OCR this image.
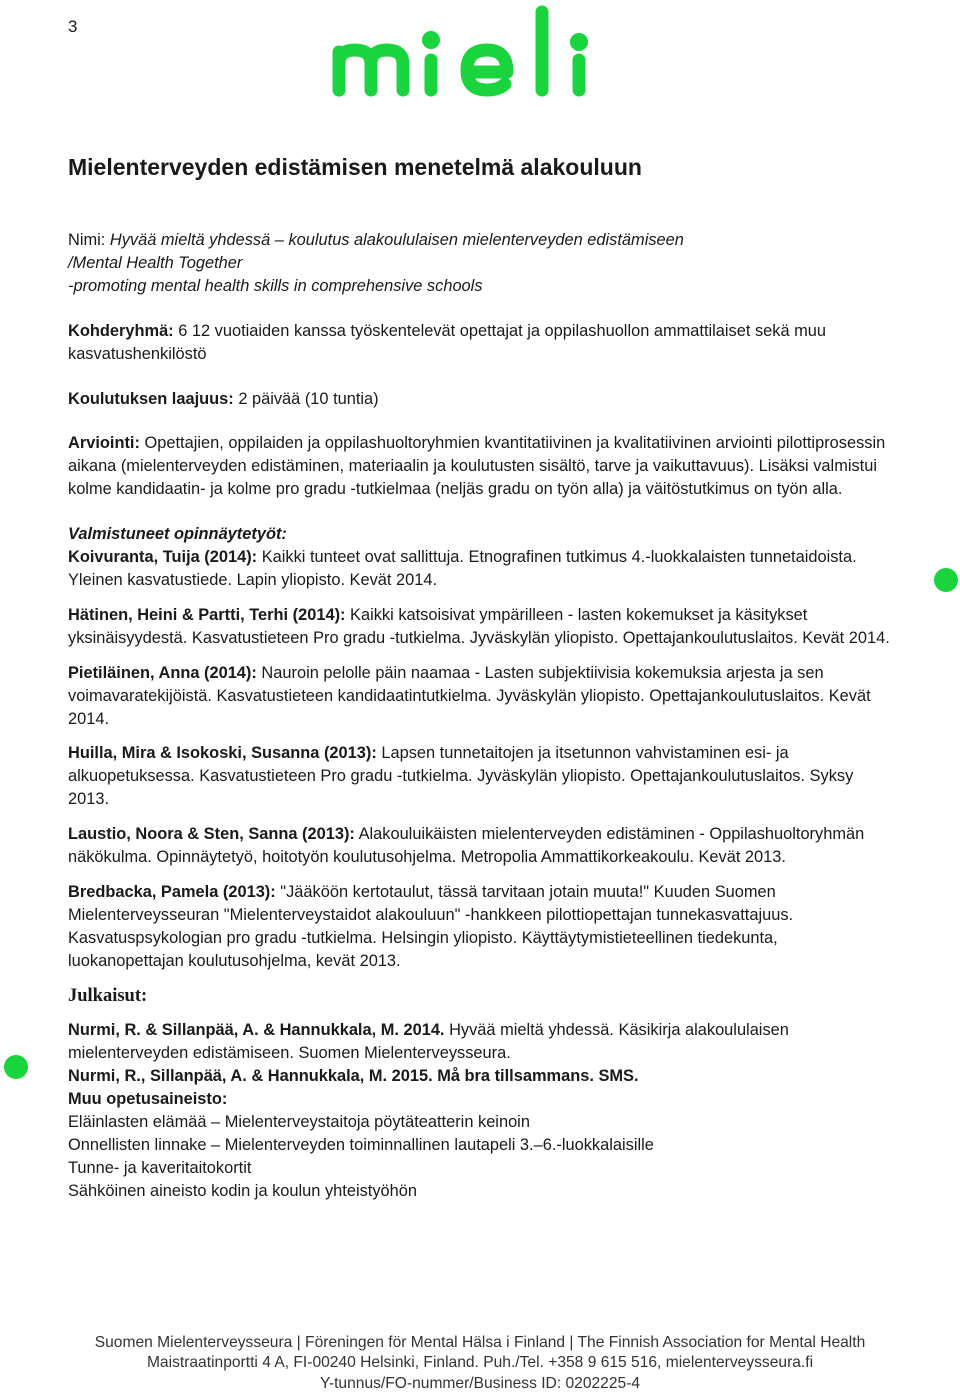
3
Mielenterveyden edistämisen menetelmä alakouluun

Nimi: Hyvää mieltä yhdessä – koulutus alakoululaisen mielenterveyden edistämiseen
/Mental Health Together
-promoting mental health skills in comprehensive schools

Kohderyhmä: 6 12 vuotiaiden kanssa työskentelevät opettajat ja oppilashuollon ammattilaiset sekä muu kasvatushenkilöstö

Koulutuksen laajuus: 2 päivää (10 tuntia)

Arviointi: Opettajien, oppilaiden ja oppilashuoltoryhmien kvantitatiivinen ja kvalitatiivinen arviointi pilottiprosessin aikana (mielenterveyden edistäminen, materiaalin ja koulutusten sisältö, tarve ja vaikuttavuus). Lisäksi valmistui kolme kandidaatin- ja kolme pro gradu -tutkielmaa (neljäs gradu on työn alla) ja väitöstutkimus on työn alla.

Valmistuneet opinnäytetyöt:

Koivuranta, Tuija (2014): Kaikki tunteet ovat sallittuja. Etnografinen tutkimus 4.-luokkalaisten tunnetaidoista. Yleinen kasvatustiede. Lapin yliopisto. Kevät 2014.

Hätinen, Heini & Partti, Terhi (2014): Kaikki katsoisivat ympärilleen - lasten kokemukset ja käsitykset yksinäisyydestä. Kasvatustieteen Pro gradu -tutkielma. Jyväskylän yliopisto. Opettajankoulutuslaitos. Kevät 2014.

Pietiläinen, Anna (2014): Nauroin pelolle päin naamaa - Lasten subjektiivisia kokemuksia arjesta ja sen voimavaratekijöistä. Kasvatustieteen kandidaatintutkielma. Jyväskylän yliopisto. Opettajankoulutuslaitos. Kevät 2014.

Huilla, Mira & Isokoski, Susanna (2013): Lapsen tunnetaitojen ja itsetunnon vahvistaminen esi- ja alkuopetuksessa. Kasvatustieteen Pro gradu -tutkielma. Jyväskylän yliopisto. Opettajankoulutuslaitos. Syksy 2013.

Laustio, Noora & Sten, Sanna (2013): Alakouluikäisten mielenterveyden edistäminen - Oppilashuoltoryhmän näkökulma. Opinnäytetyö, hoitotyön koulutusohjelma. Metropolia Ammattikorkeakoulu. Kevät 2013.

Bredbacka, Pamela (2013): "Jääköön kertotaulut, tässä tarvitaan jotain muuta!" Kuuden Suomen Mielenterveysseuran "Mielenterveystaidot alakouluun" -hankkeen pilottiopettajan tunnekasvattajuus. Kasvatuspsykologian pro gradu -tutkielma. Helsingin yliopisto. Käyttäytymistieteellinen tiedekunta, luokanopettajan koulutusohjelma, kevät 2013.

Julkaisut:

Nurmi, R. & Sillanpää, A. & Hannukkala, M. 2014. Hyvää mieltä yhdessä. Käsikirja alakoululaisen mielenterveyden edistämiseen. Suomen Mielenterveysseura.

Nurmi, R., Sillanpää, A. & Hannukkala, M. 2015. Må bra tillsammans. SMS.

Muu opetusaineisto:

Eläinlasten elämää – Mielenterveystaitoja pöytäteatterin keinoin

Onnellisten linnake – Mielenterveyden toiminnallinen lautapeli 3.–6.-luokkalaisille

Tunne- ja kaveritaitokortit

Sähköinen aineisto kodin ja koulun yhteistyöhön

Suomen Mielenterveysseura | Föreningen för Mental Hälsa i Finland | The Finnish Association for Mental Health
Maistraatinportti 4 A, FI-00240 Helsinki, Finland. Puh./Tel. +358 9 615 516, mielenterveysseura.fi
Y-tunnus/FO-nummer/Business ID: 0202225-4
